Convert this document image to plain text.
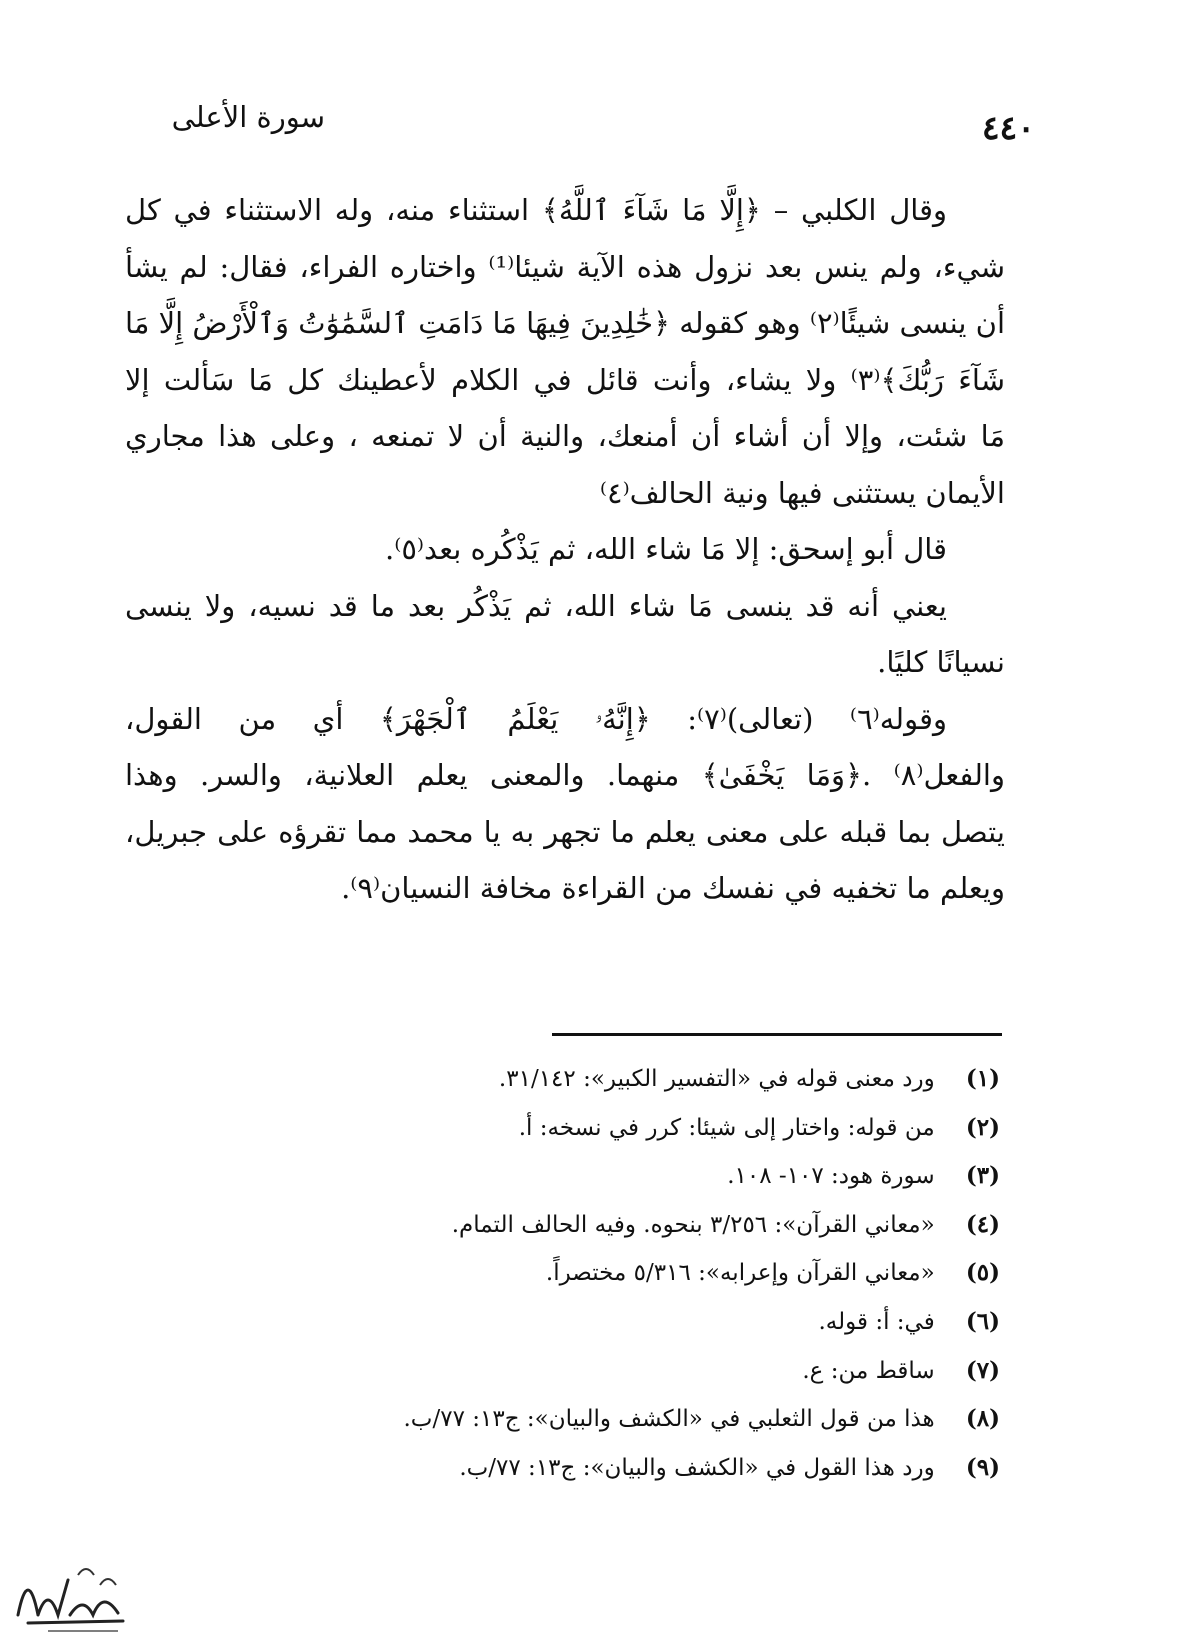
سورة الأعلى	٤٤٠
وقال الكلبي – ﴿إِلَّا مَا شَآءَ ٱللَّهُ﴾ استثناء منه، وله الاستثناء في كل
شيء، ولم ينس بعد نزول هذه الآية شيئا⁽¹⁾ واختاره الفراء، فقال: لم يشأ
أن ينسى شيئًا⁽٢⁾ وهو كقوله ﴿خَٰلِدِينَ فِيهَا مَا دَامَتِ ٱلسَّمَٰوَٰتُ وَٱلْأَرْضُ إِلَّا مَا
شَآءَ رَبُّكَ﴾⁽٣⁾ ولا يشاء، وأنت قائل في الكلام لأعطينك كل مَا سَألت إلا
مَا شئت، وإلا أن أشاء أن أمنعك، والنية أن لا تمنعه ، وعلى هذا مجاري
الأيمان يستثنى فيها ونية الحالف⁽٤⁾
قال أبو إسحق: إلا مَا شاء الله، ثم يَذْكُره بعد⁽٥⁾.
يعني أنه قد ينسى مَا شاء الله، ثم يَذْكُر بعد ما قد نسيه، ولا ينسى
نسيانًا كليًا.
وقوله⁽٦⁾ (تعالى)⁽٧⁾: ﴿إِنَّهُۥ يَعْلَمُ ٱلْجَهْرَ﴾ أي من القول،
والفعل⁽٨⁾ .﴿وَمَا يَخْفَىٰ﴾ منهما. والمعنى يعلم العلانية، والسر. وهذا
يتصل بما قبله على معنى يعلم ما تجهر به يا محمد مما تقرؤه على جبريل،
ويعلم ما تخفيه في نفسك من القراءة مخافة النسيان⁽٩⁾.
(١) ورد معنى قوله في «التفسير الكبير»: ٣١/١٤٢.
(٢) من قوله: واختار إلى شيئا: كرر في نسخه: أ.
(٣) سورة هود: ١٠٧- ١٠٨.
(٤) «معاني القرآن»: ٣/٢٥٦ بنحوه. وفيه الحالف التمام.
(٥) «معاني القرآن وإعرابه»: ٥/٣١٦ مختصراً.
(٦) في: أ: قوله.
(٧) ساقط من: ع.
(٨) هذا من قول الثعلبي في «الكشف والبيان»: ج١٣: ٧٧/ب.
(٩) ورد هذا القول في «الكشف والبيان»: ج١٣: ٧٧/ب.
